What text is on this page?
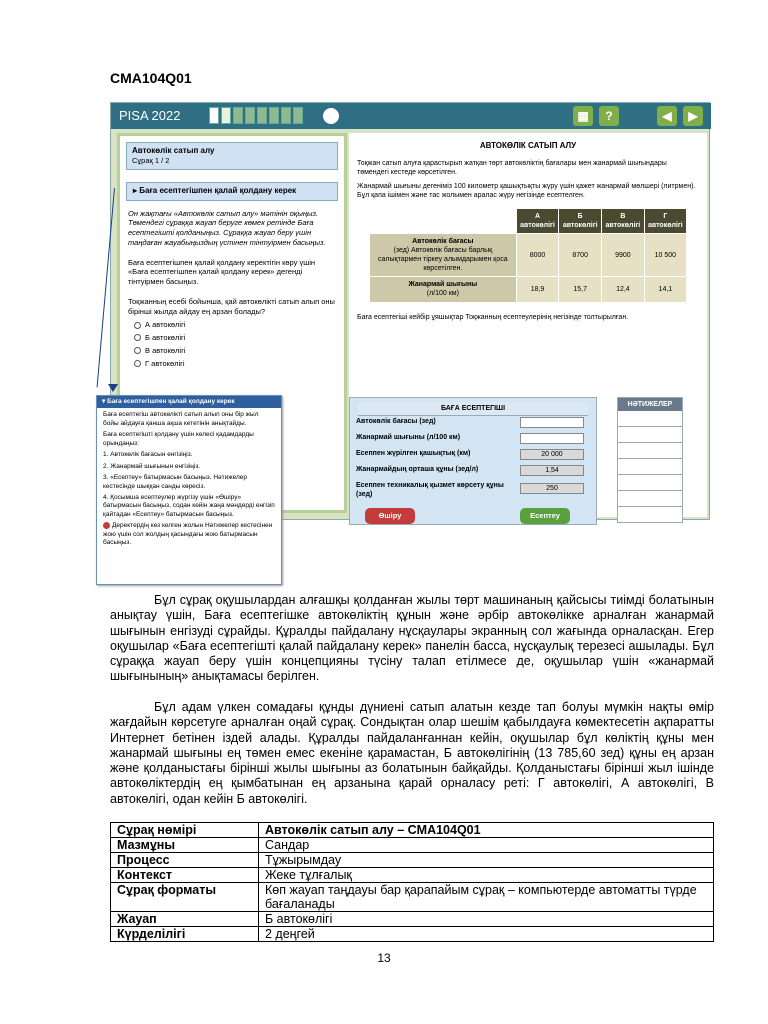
CMA104Q01
PISA 2022	▦	?	◀	▶
Автокөлік сатып алу
Сұрақ 1 / 2
▸ Баға есептегішпен қалай қолдану керек

Он жақтағы «Автокөлік сатып алу» мәтінін оқыңыз. Төмендегі сұраққа жауап беруге көмек ретінде Баға есептегішті қолданыңыз. Сұраққа жауап беру үшін таңдаған жауабыңыздың үстінен тінтуірмен басыңыз.

Баға есептегішпен қалай қолдану керектігін көру үшін «Баға есептегішпен қалай қолдану керек» дегенді тінтуірмен басыңыз.

Тоқжанның есебі бойынша, қай автокөлікті сатып алып оны бірінші жылда айдау ең арзан болады?

А автокөлігі
Б автокөлігі
В автокөлігі
Г автокөлігі
АВТОКӨЛІК САТЫП АЛУ

Тоқжан сатып алуға қарастырып жатқан төрт автокөліктің бағалары мен жанармай шығындары төмендегі кестеде көрсетілген.

Жанармай шығыны дегеніміз 100 километр қашықтықты жүру үшін қажет жанармай мөлшері (литрмен). Бұл қапа ішімен және тас жолымен аралас жүру негізінде есептелген.

	А автокөлігі	Б автокөлігі	В автокөлігі	Г автокөлігі

Автокөлік бағасы
(зед) Автокөлік бағасы барлық салықтармен тіркеу алымдарымен қоса көрсетілген.	8000	8700	9900	10 500

Жанармай шығыны
(л/100 км)	18,9	15,7	12,4	14,1

Баға есептегіші кейбір ұяшықтар Тоқжанның есептеулерінің негізінде толтырылған.

БАҒА ЕСЕПТЕГІШІ
Автокөлік бағасы (зед)
Жанармай шығыны (л/100 км)
Есеппен жүрілген қашықтық (км)	20 000
Жанармайдың орташа құны (зед/л)	1,54
Есеппен техникалық қызмет көрсету құны (зед)
250
Өшіру	Есептеу
НӘТИЖЕЛЕР
▾ Баға есептегішпен қалай қолдану керек

Баға есептегіш автокөлікті сатып алып оны бір жыл бойы айдауға қанша ақша кететінін анықтайды.

Баға есептегішті қолдану үшін келесі қадамдарды орындаңыз:

1. Автокөлік бағасын енгізіңіз.

2. Жанармай шығынын енгізіңіз.

3. «Есептеу» батырмасын басыңыз. Нәтижелер кестесінде шыққан санды көресіз.

4. Қосымша есептеулер жүргізу үшін «Өшіру» батырмасын басыңыз, содан кейін жаңа мәндерді енгізіп қайтадан «Есептеу» батырмасын басыңыз.

Деректердің кез келген жолын Нәтижелер кестесінен жою үшін сол жолдың қасындағы жою батырмасын басыңыз.

Бұл сұрақ оқушылардан алғашқы қолданған жылы төрт машинаның қайсысы тиімді болатынын анықтау үшін, Баға есептегішке автокөліктің құнын және әрбір автокөлікке арналған жанармай шығынын енгізуді сұрайды. Құралды пайдалану нұсқаулары экранның сол жағында орналасқан. Егер оқушылар «Баға есептегішті қалай пайдалану керек» панелін басса, нұсқаулық терезесі ашылады. Бұл сұраққа жауап беру үшін концепцияны түсіну талап етілмесе де, оқушылар үшін «жанармай шығынының» анықтамасы берілген.
Бұл адам үлкен сомадағы құнды дүниені сатып алатын кезде тап болуы мүмкін нақты өмір жағдайын көрсетуге арналған оңай сұрақ. Сондықтан олар шешім қабылдауға көмектесетін ақпаратты Интернет бетінен іздей алады. Құралды пайдаланғаннан кейін, оқушылар бұл көліктің құны мен жанармай шығыны ең төмен емес екеніне қарамастан, Б автокөлігінің (13 785,60 зед) құны ең арзан және қолданыстағы бірінші жылы шығыны аз болатынын байқайды. Қолданыстағы бірінші жыл ішінде автокөліктердің ең қымбатынан ең арзанына қарай орналасу реті: Г автокөлігі, А автокөлігі, В автокөлігі, одан кейін Б автокөлігі.
Сұрақ нөмірі	Автокөлік сатып алу – CMA104Q01
Мазмұны	Сандар
Процесс	Тұжырымдау
Контекст	Жеке тұлғалық
Сұрақ форматы	Көп жауап таңдауы бар қарапайым сұрақ – компьютерде автоматты түрде бағаланады
Жауап	Б автокөлігі
Күрделілігі	2 деңгей
13
